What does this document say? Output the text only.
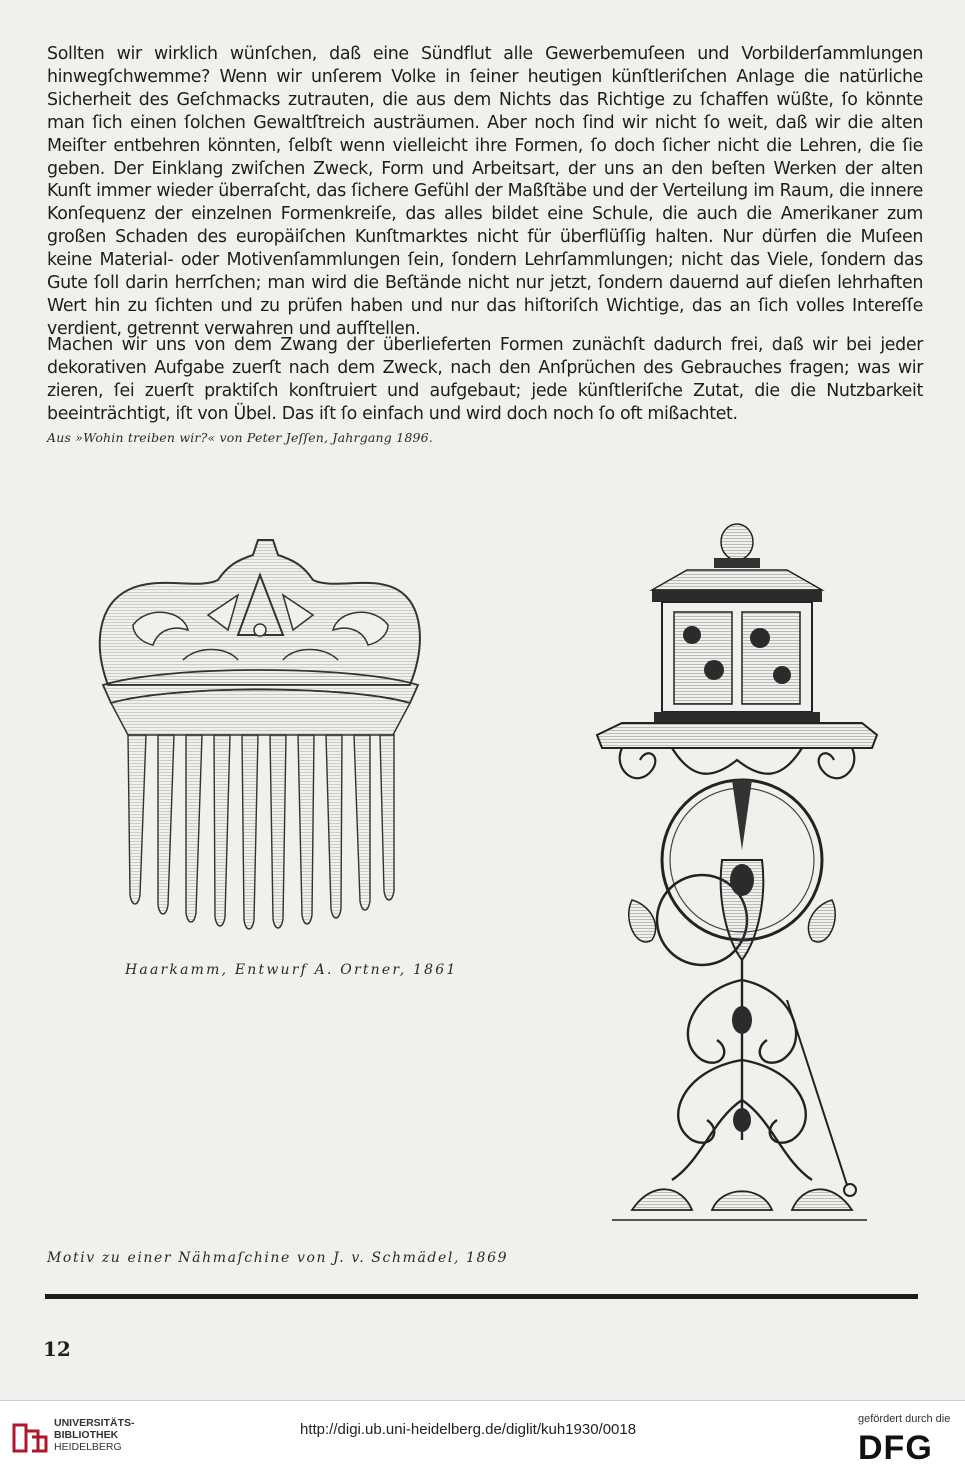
Sollten wir wirklich wünſchen, daß eine Sündflut alle Gewerbemuſeen und Vorbilderſammlungen hinwegſchwemme? Wenn wir unſerem Volke in ſeiner heutigen künſtleriſchen Anlage die natürliche Sicherheit des Geſchmacks zutrauten, die aus dem Nichts das Richtige zu ſchaffen wüßte, ſo könnte man ſich einen ſolchen Gewaltſtreich austräumen. Aber noch ſind wir nicht ſo weit, daß wir die alten Meiſter entbehren könnten, ſelbſt wenn vielleicht ihre Formen, ſo doch ſicher nicht die Lehren, die ſie geben. Der Einklang zwiſchen Zweck, Form und Arbeitsart, der uns an den beſten Werken der alten Kunſt immer wieder überraſcht, das ſichere Gefühl der Maßſtäbe und der Verteilung im Raum, die innere Konſequenz der einzelnen Formenkreiſe, das alles bildet eine Schule, die auch die Amerikaner zum großen Schaden des europäiſchen Kunſtmarktes nicht für überflüſſig halten. Nur dürfen die Muſeen keine Material- oder Motivenſammlungen ſein, ſondern Lehrſammlungen; nicht das Viele, ſondern das Gute ſoll darin herrſchen; man wird die Beſtände nicht nur jetzt, ſondern dauernd auf dieſen lehrhaften Wert hin zu ſichten und zu prüfen haben und nur das hiſtoriſch Wichtige, das an ſich volles Intereſſe verdient, getrennt verwahren und aufſtellen.

Machen wir uns von dem Zwang der überlieferten Formen zunächſt dadurch frei, daß wir bei jeder dekorativen Aufgabe zuerſt nach dem Zweck, nach den Anſprüchen des Gebrauches fragen; was wir zieren, ſei zuerſt praktiſch konſtruiert und aufgebaut; jede künſtleriſche Zutat, die die Nutzbarkeit beeinträchtigt, iſt von Übel. Das iſt ſo einfach und wird doch noch ſo oft mißachtet.

Aus »Wohin treiben wir?« von Peter Jeſſen, Jahrgang 1896.

Haarkamm, Entwurf A. Ortner, 1861

Motiv zu einer Nähmaſchine von J. v. Schmädel, 1869

12

UNIVERSITÄTS-
BIBLIOTHEK
HEIDELBERG
http://digi.ub.uni-heidelberg.de/diglit/kuh1930/0018
gefördert durch die
DFG
